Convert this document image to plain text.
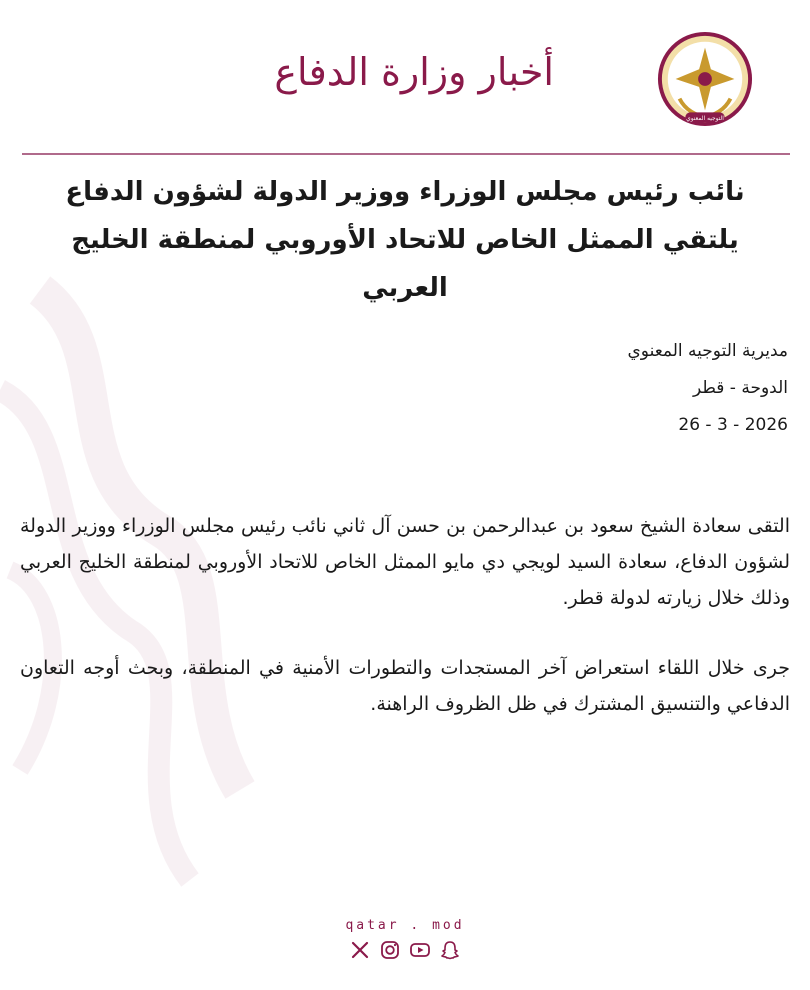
التوجيه المعنوي
أخبار وزارة الدفاع
نائب رئيس مجلس الوزراء ووزير الدولة لشؤون الدفاع يلتقي الممثل الخاص للاتحاد الأوروبي لمنطقة الخليج العربي
مديرية التوجيه المعنوي
الدوحة - قطر
26 - 3 - 2026

التقى سعادة الشيخ سعود بن عبدالرحمن بن حسن آل ثاني نائب رئيس مجلس الوزراء ووزير الدولة لشؤون الدفاع، سعادة السيد لويجي دي مايو الممثل الخاص للاتحاد الأوروبي لمنطقة الخليج العربي وذلك خلال زيارته لدولة قطر.

جرى خلال اللقاء استعراض آخر المستجدات والتطورات الأمنية في المنطقة، وبحث أوجه التعاون الدفاعي والتنسيق المشترك في ظل الظروف الراهنة.

qatar . mod
